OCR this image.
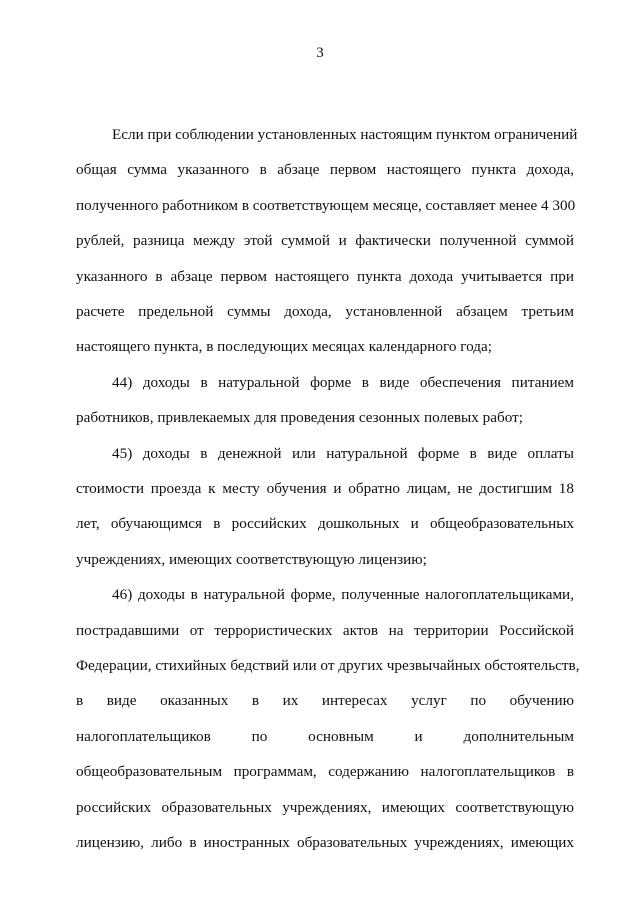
3
Если при соблюдении установленных настоящим пунктом ограничений
общая сумма указанного в абзаце первом настоящего пункта дохода,
полученного работником в соответствующем месяце, составляет менее 4 300
рублей, разница между этой суммой и фактически полученной суммой
указанного в абзаце первом настоящего пункта дохода учитывается при
расчете предельной суммы дохода, установленной абзацем третьим
настоящего пункта, в последующих месяцах календарного года;
44) доходы в натуральной форме в виде обеспечения питанием
работников, привлекаемых для проведения сезонных полевых работ;
45) доходы в денежной или натуральной форме в виде оплаты
стоимости проезда к месту обучения и обратно лицам, не достигшим 18
лет, обучающимся в российских дошкольных и общеобразовательных
учреждениях, имеющих соответствующую лицензию;
46) доходы в натуральной форме, полученные налогоплательщиками,
пострадавшими от террористических актов на территории Российской
Федерации, стихийных бедствий или от других чрезвычайных обстоятельств,
в виде оказанных в их интересах услуг по обучению
налогоплательщиков по основным и дополнительным
общеобразовательным программам, содержанию налогоплательщиков в
российских образовательных учреждениях, имеющих соответствующую
лицензию, либо в иностранных образовательных учреждениях, имеющих
